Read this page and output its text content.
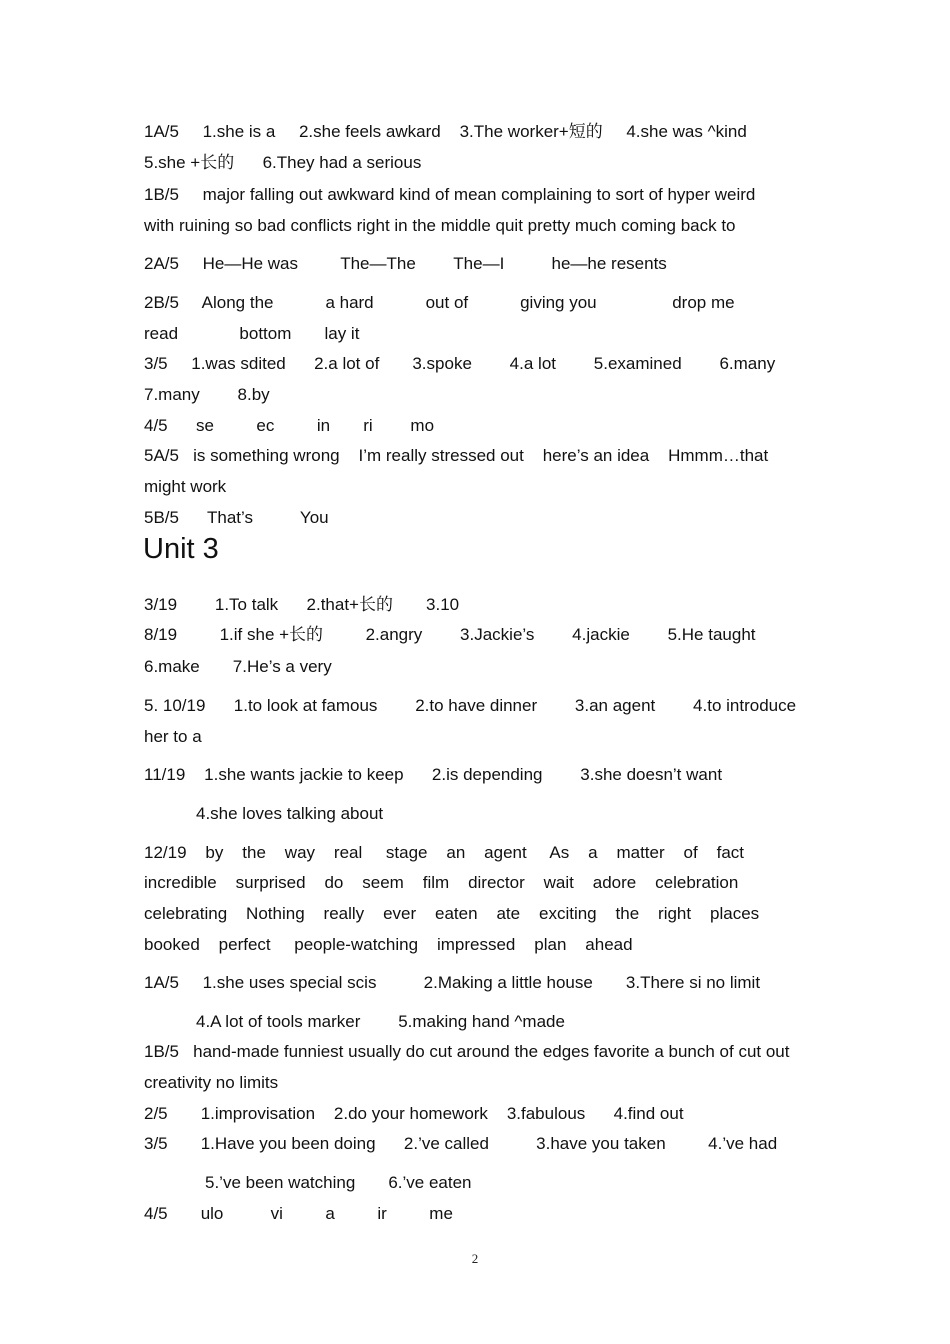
1A/5     1.she is a     2.she feels awkard    3.The worker+短的     4.she was ^kind
5.she +长的      6.They had a serious
1B/5     major falling out awkward kind of mean complaining to sort of hyper weird
with ruining so bad conflicts right in the middle quit pretty much coming back to
2A/5     He—He was         The—The        The—I          he—he resents
2B/5     Along the           a hard           out of           giving you                drop me
read             bottom       lay it
3/5     1.was sdited      2.a lot of       3.spoke        4.a lot        5.examined        6.many
7.many        8.by
4/5      se         ec         in       ri        mo
5A/5   is something wrong    I’m really stressed out    here’s an idea    Hmmm…that
might work
5B/5      That’s          You
Unit 3
3/19        1.To talk      2.that+长的       3.10
8/19         1.if she +长的         2.angry        3.Jackie’s        4.jackie        5.He taught
6.make       7.He’s a very
5. 10/19      1.to look at famous        2.to have dinner        3.an agent        4.to introduce
her to a
11/19    1.she wants jackie to keep      2.is depending        3.she doesn’t want
4.she loves talking about
12/19    by    the    way    real     stage    an    agent     As    a    matter    of    fact
incredible    surprised    do    seem    film    director    wait    adore    celebration
celebrating    Nothing    really    ever    eaten    ate    exciting    the    right    places
booked    perfect     people-watching    impressed    plan    ahead
1A/5     1.she uses special scis          2.Making a little house       3.There si no limit
4.A lot of tools marker        5.making hand ^made
1B/5   hand-made funniest usually do cut around the edges favorite a bunch of cut out
creativity no limits
2/5       1.improvisation    2.do your homework    3.fabulous      4.find out
3/5       1.Have you been doing      2.’ve called          3.have you taken         4.’ve had
5.’ve been watching       6.’ve eaten
4/5       ulo          vi         a         ir         me
2
